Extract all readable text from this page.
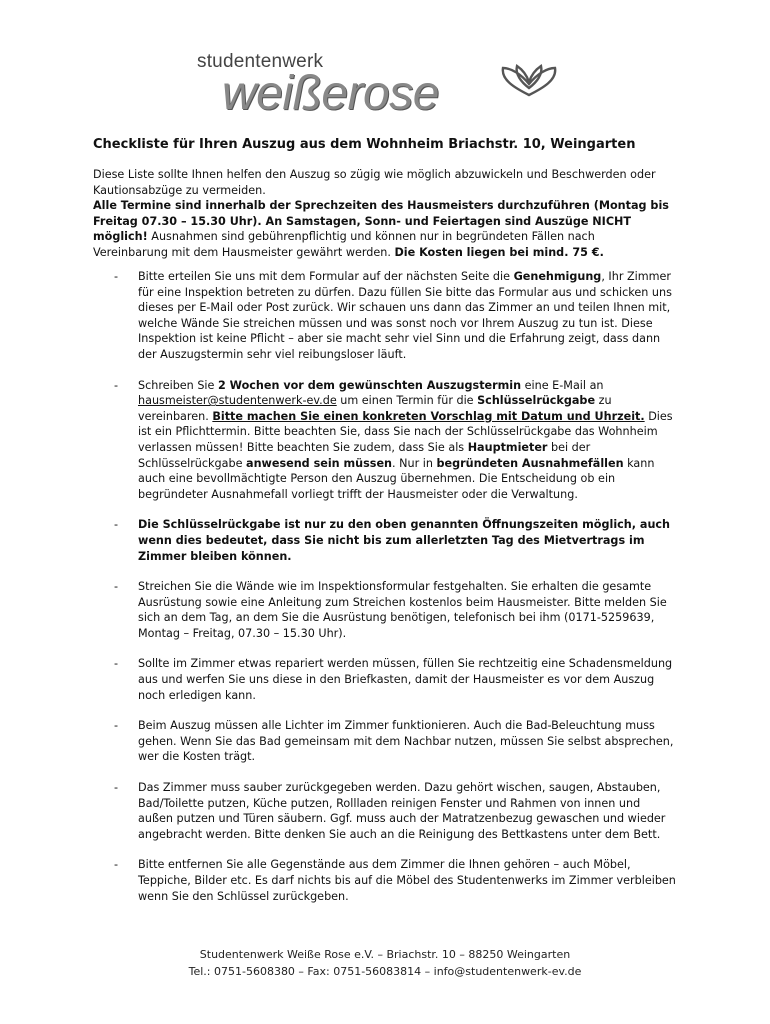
studentenwerk
weißerose
Checkliste für Ihren Auszug aus dem Wohnheim Briachstr. 10, Weingarten

Diese Liste sollte Ihnen helfen den Auszug so zügig wie möglich abzuwickeln und Beschwerden oder Kautionsabzüge zu vermeiden.
Alle Termine sind innerhalb der Sprechzeiten des Hausmeisters durchzuführen (Montag bis Freitag 07.30 – 15.30 Uhr). An Samstagen, Sonn- und Feiertagen sind Auszüge NICHT möglich! Ausnahmen sind gebührenpflichtig und können nur in begründeten Fällen nach Vereinbarung mit dem Hausmeister gewährt werden. Die Kosten liegen bei mind. 75 €.

- Bitte erteilen Sie uns mit dem Formular auf der nächsten Seite die Genehmigung, Ihr Zimmer für eine Inspektion betreten zu dürfen. Dazu füllen Sie bitte das Formular aus und schicken uns dieses per E-Mail oder Post zurück. Wir schauen uns dann das Zimmer an und teilen Ihnen mit, welche Wände Sie streichen müssen und was sonst noch vor Ihrem Auszug zu tun ist. Diese Inspektion ist keine Pflicht – aber sie macht sehr viel Sinn und die Erfahrung zeigt, dass dann der Auszugstermin sehr viel reibungsloser läuft.
- Schreiben Sie 2 Wochen vor dem gewünschten Auszugstermin eine E-Mail an hausmeister@studentenwerk-ev.de um einen Termin für die Schlüsselrückgabe zu vereinbaren. Bitte machen Sie einen konkreten Vorschlag mit Datum und Uhrzeit. Dies ist ein Pflichttermin. Bitte beachten Sie, dass Sie nach der Schlüsselrückgabe das Wohnheim verlassen müssen! Bitte beachten Sie zudem, dass Sie als Hauptmieter bei der Schlüsselrückgabe anwesend sein müssen. Nur in begründeten Ausnahmefällen kann auch eine bevollmächtigte Person den Auszug übernehmen. Die Entscheidung ob ein begründeter Ausnahmefall vorliegt trifft der Hausmeister oder die Verwaltung.
- Die Schlüsselrückgabe ist nur zu den oben genannten Öffnungszeiten möglich, auch wenn dies bedeutet, dass Sie nicht bis zum allerletzten Tag des Mietvertrags im Zimmer bleiben können.
- Streichen Sie die Wände wie im Inspektionsformular festgehalten. Sie erhalten die gesamte Ausrüstung sowie eine Anleitung zum Streichen kostenlos beim Hausmeister. Bitte melden Sie sich an dem Tag, an dem Sie die Ausrüstung benötigen, telefonisch bei ihm (0171-5259639, Montag – Freitag, 07.30 – 15.30 Uhr).
- Sollte im Zimmer etwas repariert werden müssen, füllen Sie rechtzeitig eine Schadensmeldung aus und werfen Sie uns diese in den Briefkasten, damit der Hausmeister es vor dem Auszug noch erledigen kann.
- Beim Auszug müssen alle Lichter im Zimmer funktionieren. Auch die Bad-Beleuchtung muss gehen. Wenn Sie das Bad gemeinsam mit dem Nachbar nutzen, müssen Sie selbst absprechen, wer die Kosten trägt.
- Das Zimmer muss sauber zurückgegeben werden. Dazu gehört wischen, saugen, Abstauben, Bad/Toilette putzen, Küche putzen, Rollladen reinigen Fenster und Rahmen von innen und außen putzen und Türen säubern. Ggf. muss auch der Matratzenbezug gewaschen und wieder angebracht werden. Bitte denken Sie auch an die Reinigung des Bettkastens unter dem Bett.
- Bitte entfernen Sie alle Gegenstände aus dem Zimmer die Ihnen gehören – auch Möbel, Teppiche, Bilder etc. Es darf nichts bis auf die Möbel des Studentenwerks im Zimmer verbleiben wenn Sie den Schlüssel zurückgeben.
Studentenwerk Weiße Rose e.V. – Briachstr. 10 – 88250 Weingarten
Tel.: 0751-5608380 – Fax: 0751-56083814 – info@studentenwerk-ev.de
